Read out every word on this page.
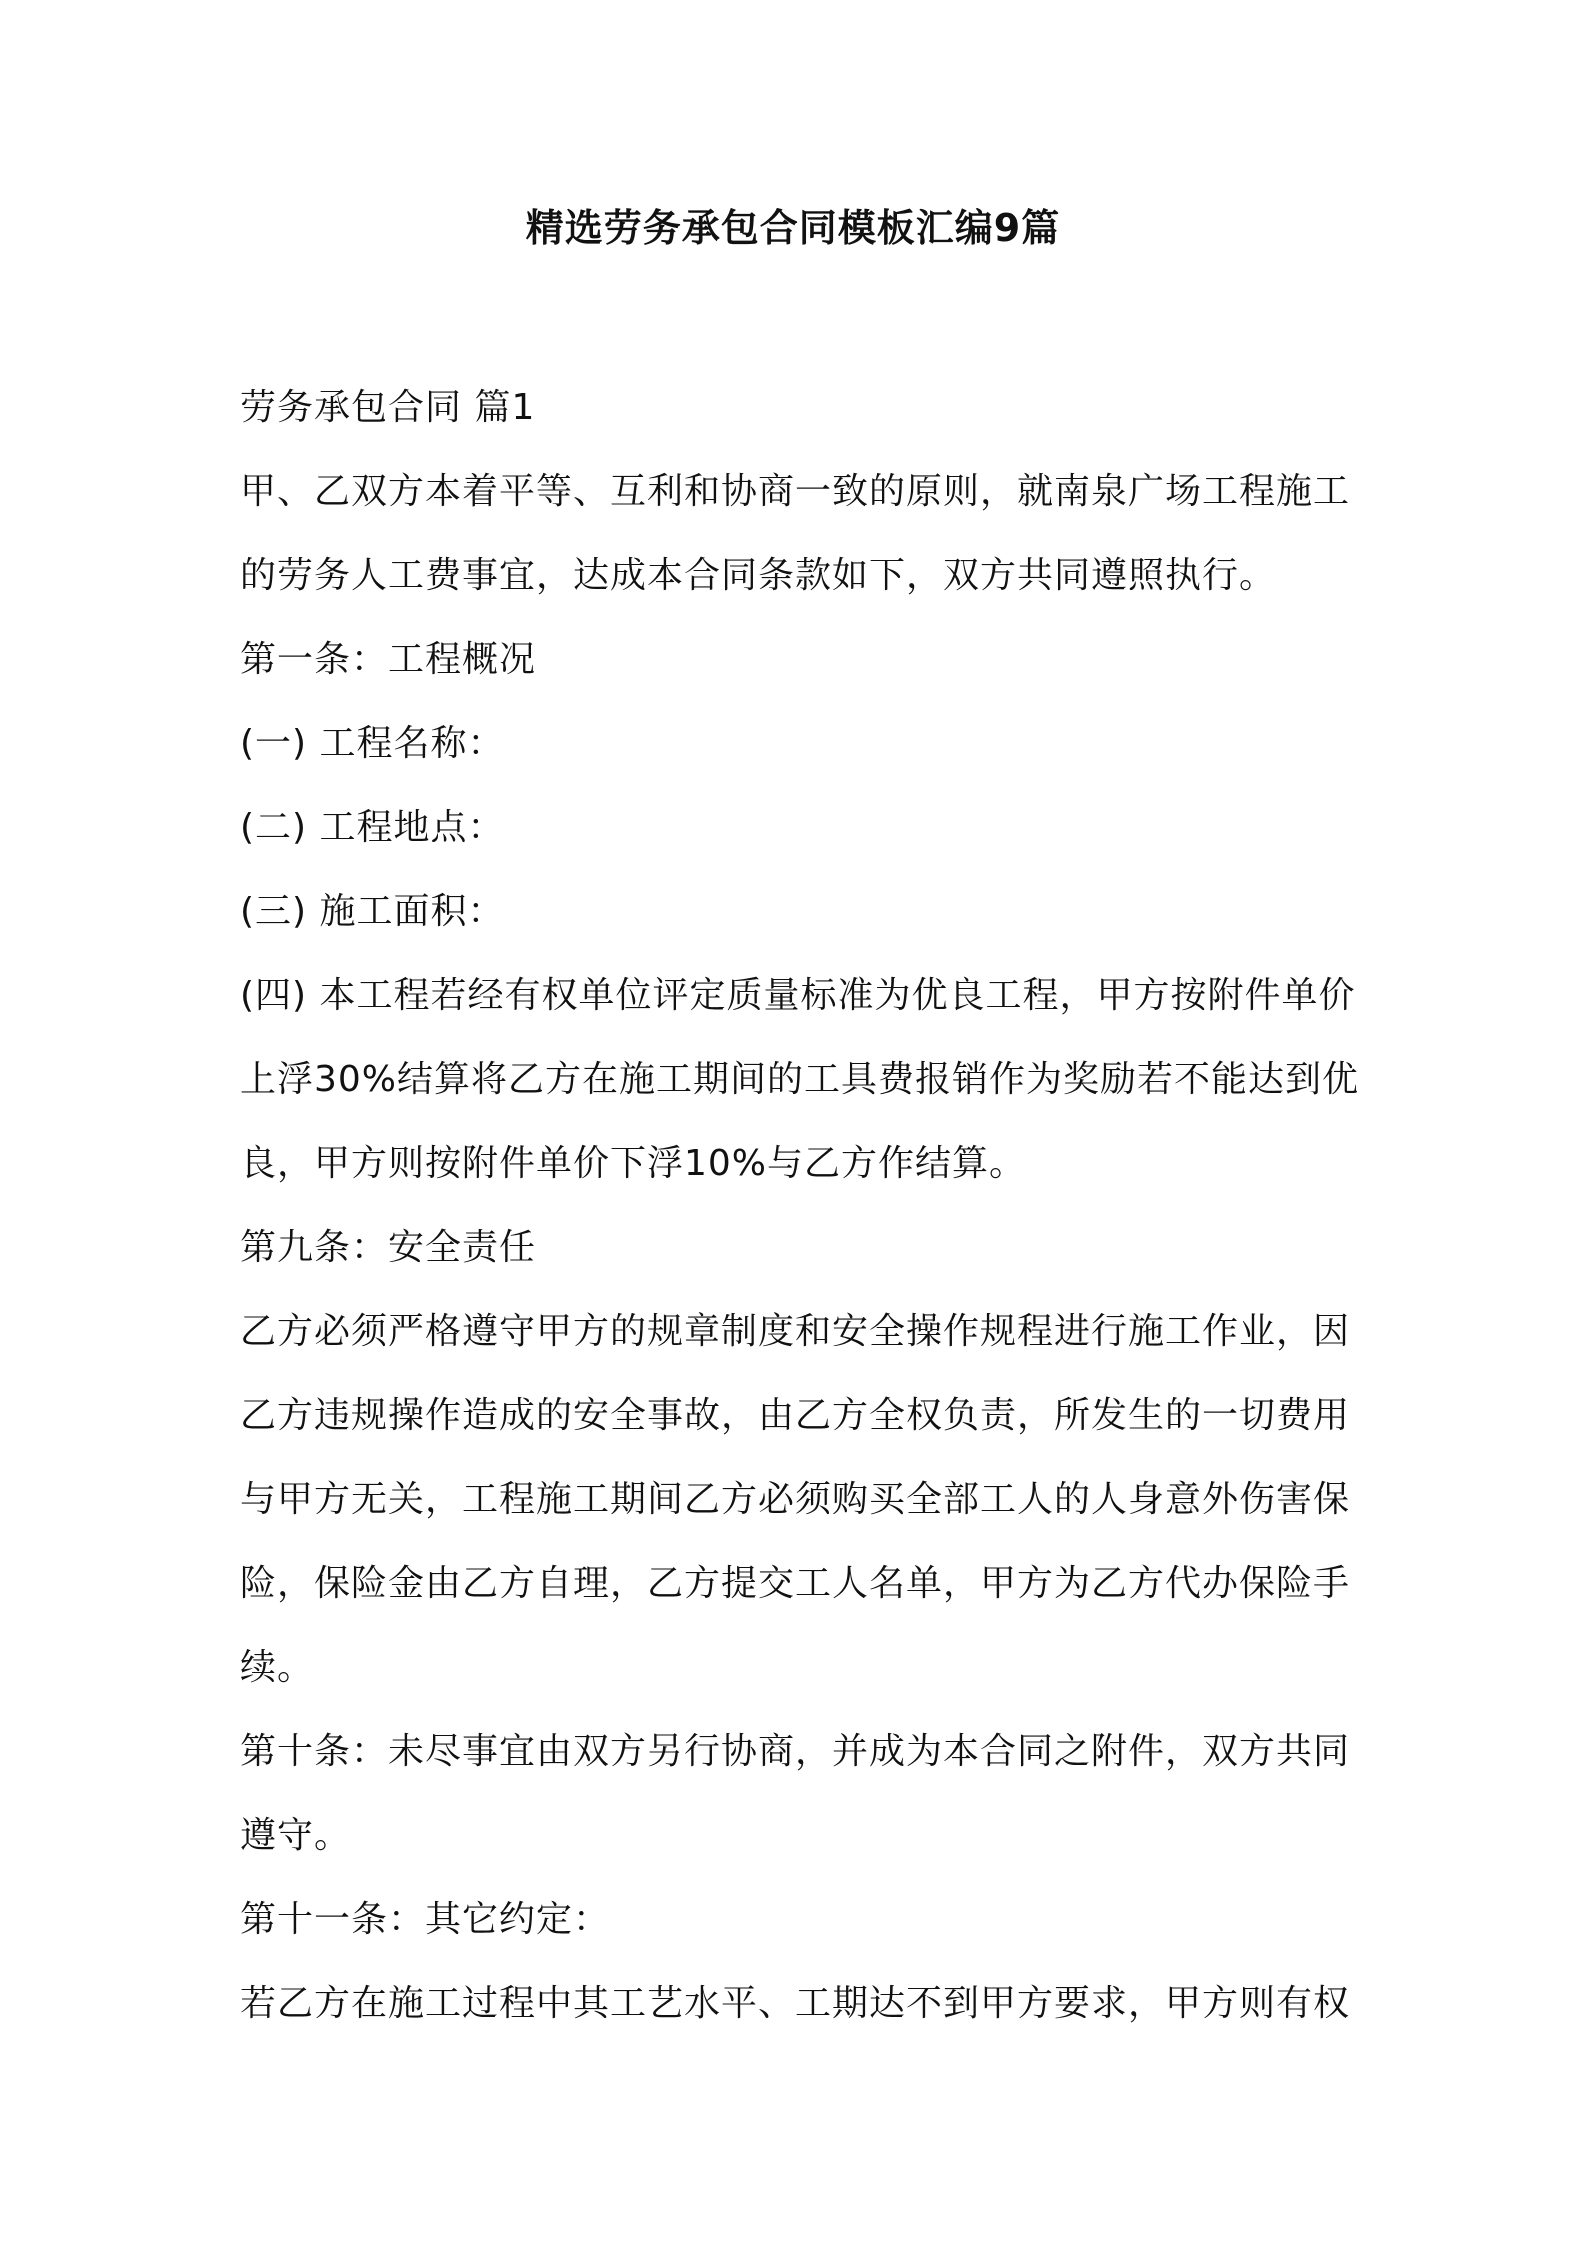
精选劳务承包合同模板汇编9篇

劳务承包合同 篇1

甲、乙双方本着平等、互利和协商一致的原则，就南泉广场工程施工的劳务人工费事宜，达成本合同条款如下，双方共同遵照执行。

第一条：工程概况

(一) 工程名称：

(二) 工程地点：

(三) 施工面积：

(四) 本工程若经有权单位评定质量标准为优良工程，甲方按附件单价上浮30%结算将乙方在施工期间的工具费报销作为奖励若不能达到优良，甲方则按附件单价下浮10%与乙方作结算。

第九条：安全责任

乙方必须严格遵守甲方的规章制度和安全操作规程进行施工作业，因乙方违规操作造成的安全事故，由乙方全权负责，所发生的一切费用与甲方无关，工程施工期间乙方必须购买全部工人的人身意外伤害保险，保险金由乙方自理，乙方提交工人名单，甲方为乙方代办保险手续。

第十条：未尽事宜由双方另行协商，并成为本合同之附件，双方共同遵守。

第十一条：其它约定：

若乙方在施工过程中其工艺水平、工期达不到甲方要求，甲方则有权
